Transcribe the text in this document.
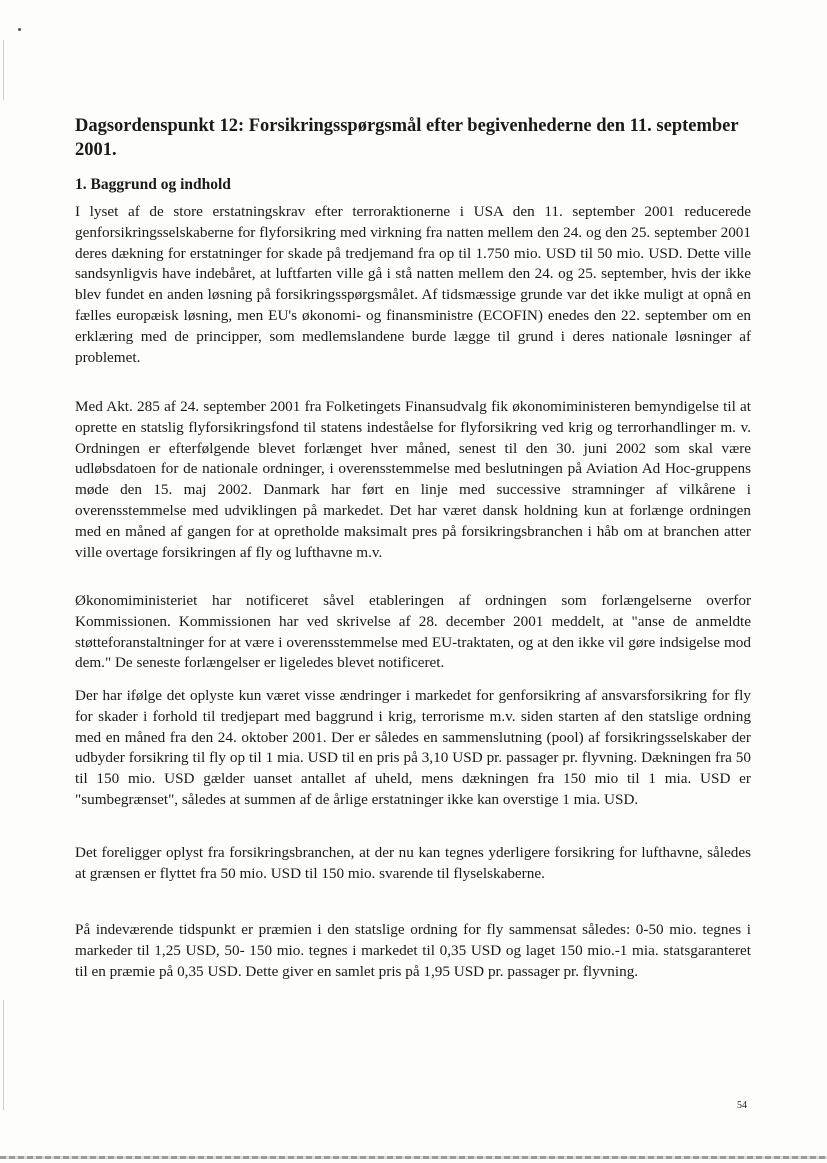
Dagsordenspunkt 12: Forsikringsspørgsmål efter begivenhederne den 11. september 2001.
1. Baggrund og indhold

I lyset af de store erstatningskrav efter terroraktionerne i USA den 11. september 2001 reducerede genforsikringsselskaberne for flyforsikring med virkning fra natten mellem den 24. og den 25. september 2001 deres dækning for erstatninger for skade på tredjemand fra op til 1.750 mio. USD til 50 mio. USD. Dette ville sandsynligvis have indebåret, at luftfarten ville gå i stå natten mellem den 24. og 25. september, hvis der ikke blev fundet en anden løsning på forsikringsspørgsmålet. Af tidsmæssige grunde var det ikke muligt at opnå en fælles europæisk løsning, men EU's økonomi- og finansministre (ECOFIN) enedes den 22. september om en erklæring med de principper, som medlemslandene burde lægge til grund i deres nationale løsninger af problemet.

Med Akt. 285 af 24. september 2001 fra Folketingets Finansudvalg fik økonomiministeren bemyndigelse til at oprette en statslig flyforsikringsfond til statens indeståelse for flyforsikring ved krig og terrorhandlinger m. v. Ordningen er efterfølgende blevet forlænget hver måned, senest til den 30. juni 2002 som skal være udløbsdatoen for de nationale ordninger, i overensstemmelse med beslutningen på Aviation Ad Hoc-gruppens møde den 15. maj 2002. Danmark har ført en linje med successive stramninger af vilkårene i overensstemmelse med udviklingen på markedet. Det har været dansk holdning kun at forlænge ordningen med en måned af gangen for at opretholde maksimalt pres på forsikringsbranchen i håb om at branchen atter ville overtage forsikringen af fly og lufthavne m.v.

Økonomiministeriet har notificeret såvel etableringen af ordningen som forlængelserne overfor Kommissionen. Kommissionen har ved skrivelse af 28. december 2001 meddelt, at "anse de anmeldte støtteforanstaltninger for at være i overensstemmelse med EU-traktaten, og at den ikke vil gøre indsigelse mod dem." De seneste forlængelser er ligeledes blevet notificeret.

Der har ifølge det oplyste kun været visse ændringer i markedet for genforsikring af ansvarsforsikring for fly for skader i forhold til tredjepart med baggrund i krig, terrorisme m.v. siden starten af den statslige ordning med en måned fra den 24. oktober 2001. Der er således en sammenslutning (pool) af forsikringsselskaber der udbyder forsikring til fly op til 1 mia. USD til en pris på 3,10 USD pr. passager pr. flyvning. Dækningen fra 50 til 150 mio. USD gælder uanset antallet af uheld, mens dækningen fra 150 mio til 1 mia. USD er "sumbegrænset", således at summen af de årlige erstatninger ikke kan overstige 1 mia. USD.

Det foreligger oplyst fra forsikringsbranchen, at der nu kan tegnes yderligere forsikring for lufthavne, således at grænsen er flyttet fra 50 mio. USD til 150 mio. svarende til flyselskaberne.

På indeværende tidspunkt er præmien i den statslige ordning for fly sammensat således: 0-50 mio. tegnes i markeder til 1,25 USD, 50- 150 mio. tegnes i markedet til 0,35 USD og laget 150 mio.-1 mia. statsgaranteret til en præmie på 0,35 USD. Dette giver en samlet pris på 1,95 USD pr. passager pr. flyvning.

54
